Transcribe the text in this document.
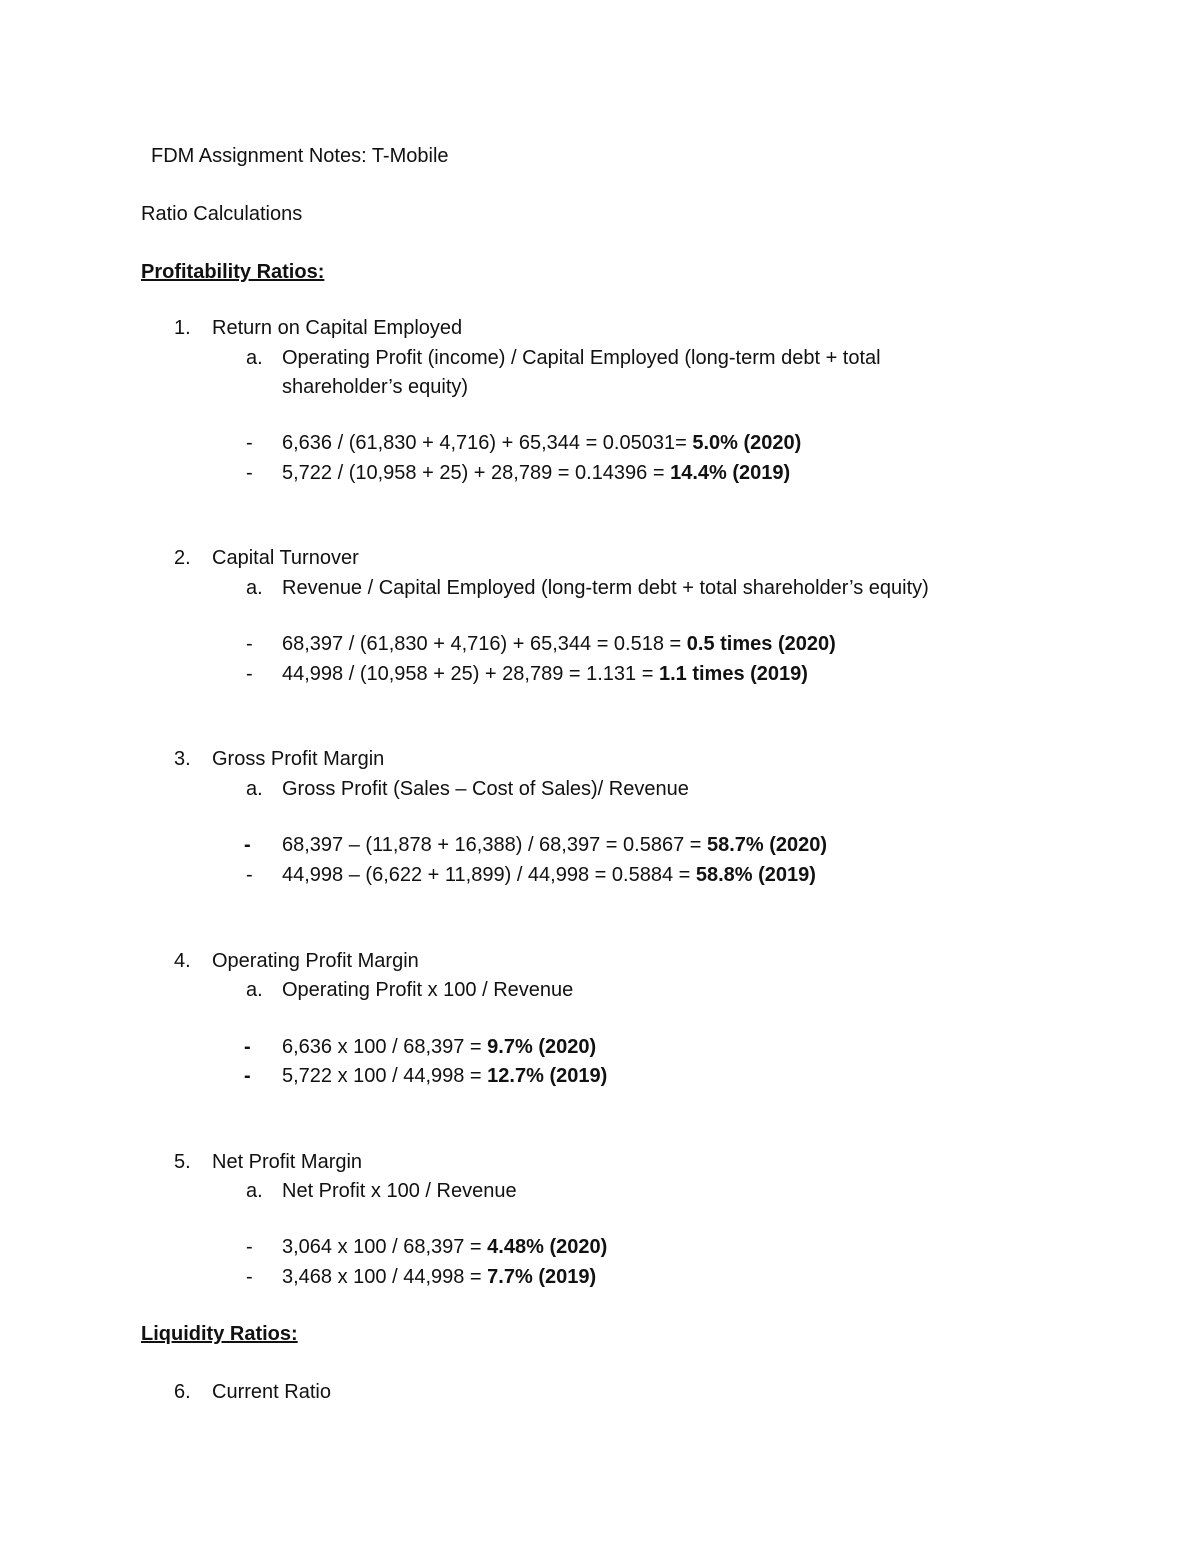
FDM Assignment Notes: T-Mobile
Ratio Calculations
Profitability Ratios:
1. Return on Capital Employed
a. Operating Profit (income) / Capital Employed (long-term debt + total
shareholder’s equity)
- 6,636 / (61,830 + 4,716) + 65,344 = 0.05031= 5.0% (2020)
- 5,722 / (10,958 + 25) + 28,789 = 0.14396 = 14.4% (2019)
2. Capital Turnover
a. Revenue / Capital Employed (long-term debt + total shareholder’s equity)
- 68,397 / (61,830 + 4,716) + 65,344 = 0.518 = 0.5 times (2020)
- 44,998 / (10,958 + 25) + 28,789 = 1.131 = 1.1 times (2019)
3. Gross Profit Margin
a. Gross Profit (Sales – Cost of Sales)/ Revenue
- 68,397 – (11,878 + 16,388) / 68,397 = 0.5867 = 58.7% (2020)
- 44,998 – (6,622 + 11,899) / 44,998 = 0.5884 = 58.8% (2019)
4. Operating Profit Margin
a. Operating Profit x 100 / Revenue
- 6,636 x 100 / 68,397 = 9.7% (2020)
- 5,722 x 100 / 44,998 = 12.7% (2019)
5. Net Profit Margin
a. Net Profit x 100 / Revenue
- 3,064 x 100 / 68,397 = 4.48% (2020)
- 3,468 x 100 / 44,998 = 7.7% (2019)
Liquidity Ratios:
6. Current Ratio
